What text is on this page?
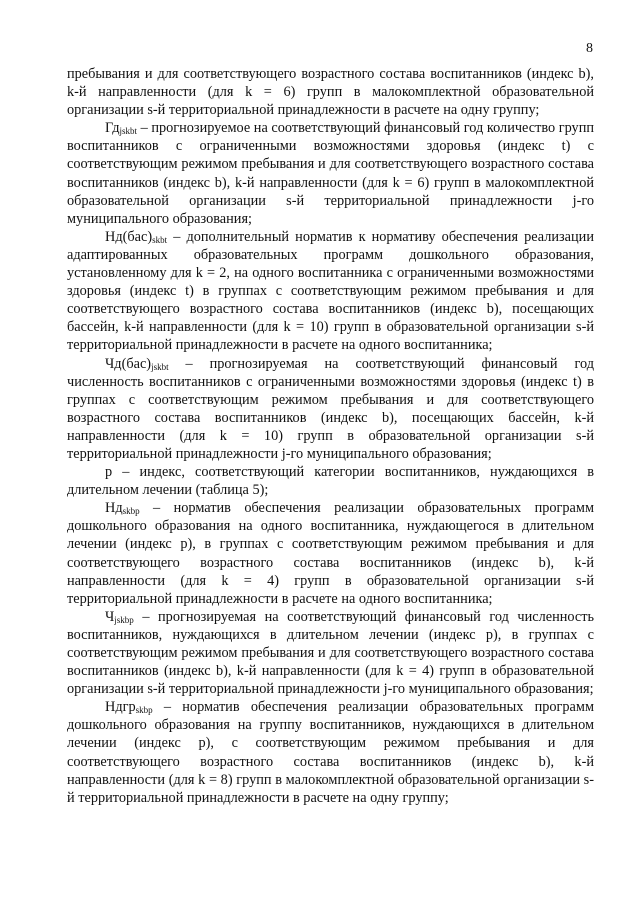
8

пребывания и для соответствующего возрастного состава воспитанников (индекс b), k-й направленности (для k = 6) групп в малокомплектной образовательной организации s-й территориальной принадлежности в расчете на одну группу;

$Гд_{jskbt}$ – прогнозируемое на соответствующий финансовый год количество групп воспитанников с ограниченными возможностями здоровья (индекс t) с соответствующим режимом пребывания и для соответствующего возрастного состава воспитанников (индекс b), k-й направленности (для k = 6) групп в малокомплектной образовательной организации s-й территориальной принадлежности j-го муниципального образования;

$Нд(бас)_{skbt}$ – дополнительный норматив к нормативу обеспечения реализации адаптированных образовательных программ дошкольного образования, установленному для k = 2, на одного воспитанника с ограниченными возможностями здоровья (индекс t) в группах с соответствующим режимом пребывания и для соответствующего возрастного состава воспитанников (индекс b), посещающих бассейн, k-й направленности (для k = 10) групп в образовательной организации s-й территориальной принадлежности в расчете на одного воспитанника;

$Чд(бас)_{jskbt}$ – прогнозируемая на соответствующий финансовый год численность воспитанников с ограниченными возможностями здоровья (индекс t) в группах с соответствующим режимом пребывания и для соответствующего возрастного состава воспитанников (индекс b), посещающих бассейн, k-й направленности (для k = 10) групп в образовательной организации s-й территориальной принадлежности j-го муниципального образования;

p – индекс, соответствующий категории воспитанников, нуждающихся в длительном лечении (таблица 5);

$Нд_{skbp}$ – норматив обеспечения реализации образовательных программ дошкольного образования на одного воспитанника, нуждающегося в длительном лечении (индекс p), в группах с соответствующим режимом пребывания и для соответствующего возрастного состава воспитанников (индекс b), k-й направленности (для k = 4) групп в образовательной организации s-й территориальной принадлежности в расчете на одного воспитанника;

$Ч_{jskbp}$ – прогнозируемая на соответствующий финансовый год численность воспитанников, нуждающихся в длительном лечении (индекс p), в группах с соответствующим режимом пребывания и для соответствующего возрастного состава воспитанников (индекс b), k-й направленности (для k = 4) групп в образовательной организации s-й территориальной принадлежности j-го муниципального образования;

Ндгр$_{skbp}$ – норматив обеспечения реализации образовательных программ дошкольного образования на группу воспитанников, нуждающихся в длительном лечении (индекс p), с соответствующим режимом пребывания и для соответствующего возрастного состава воспитанников (индекс b), k-й направленности (для k = 8) групп в малокомплектной образовательной организации s-й территориальной принадлежности в расчете на одну группу;
